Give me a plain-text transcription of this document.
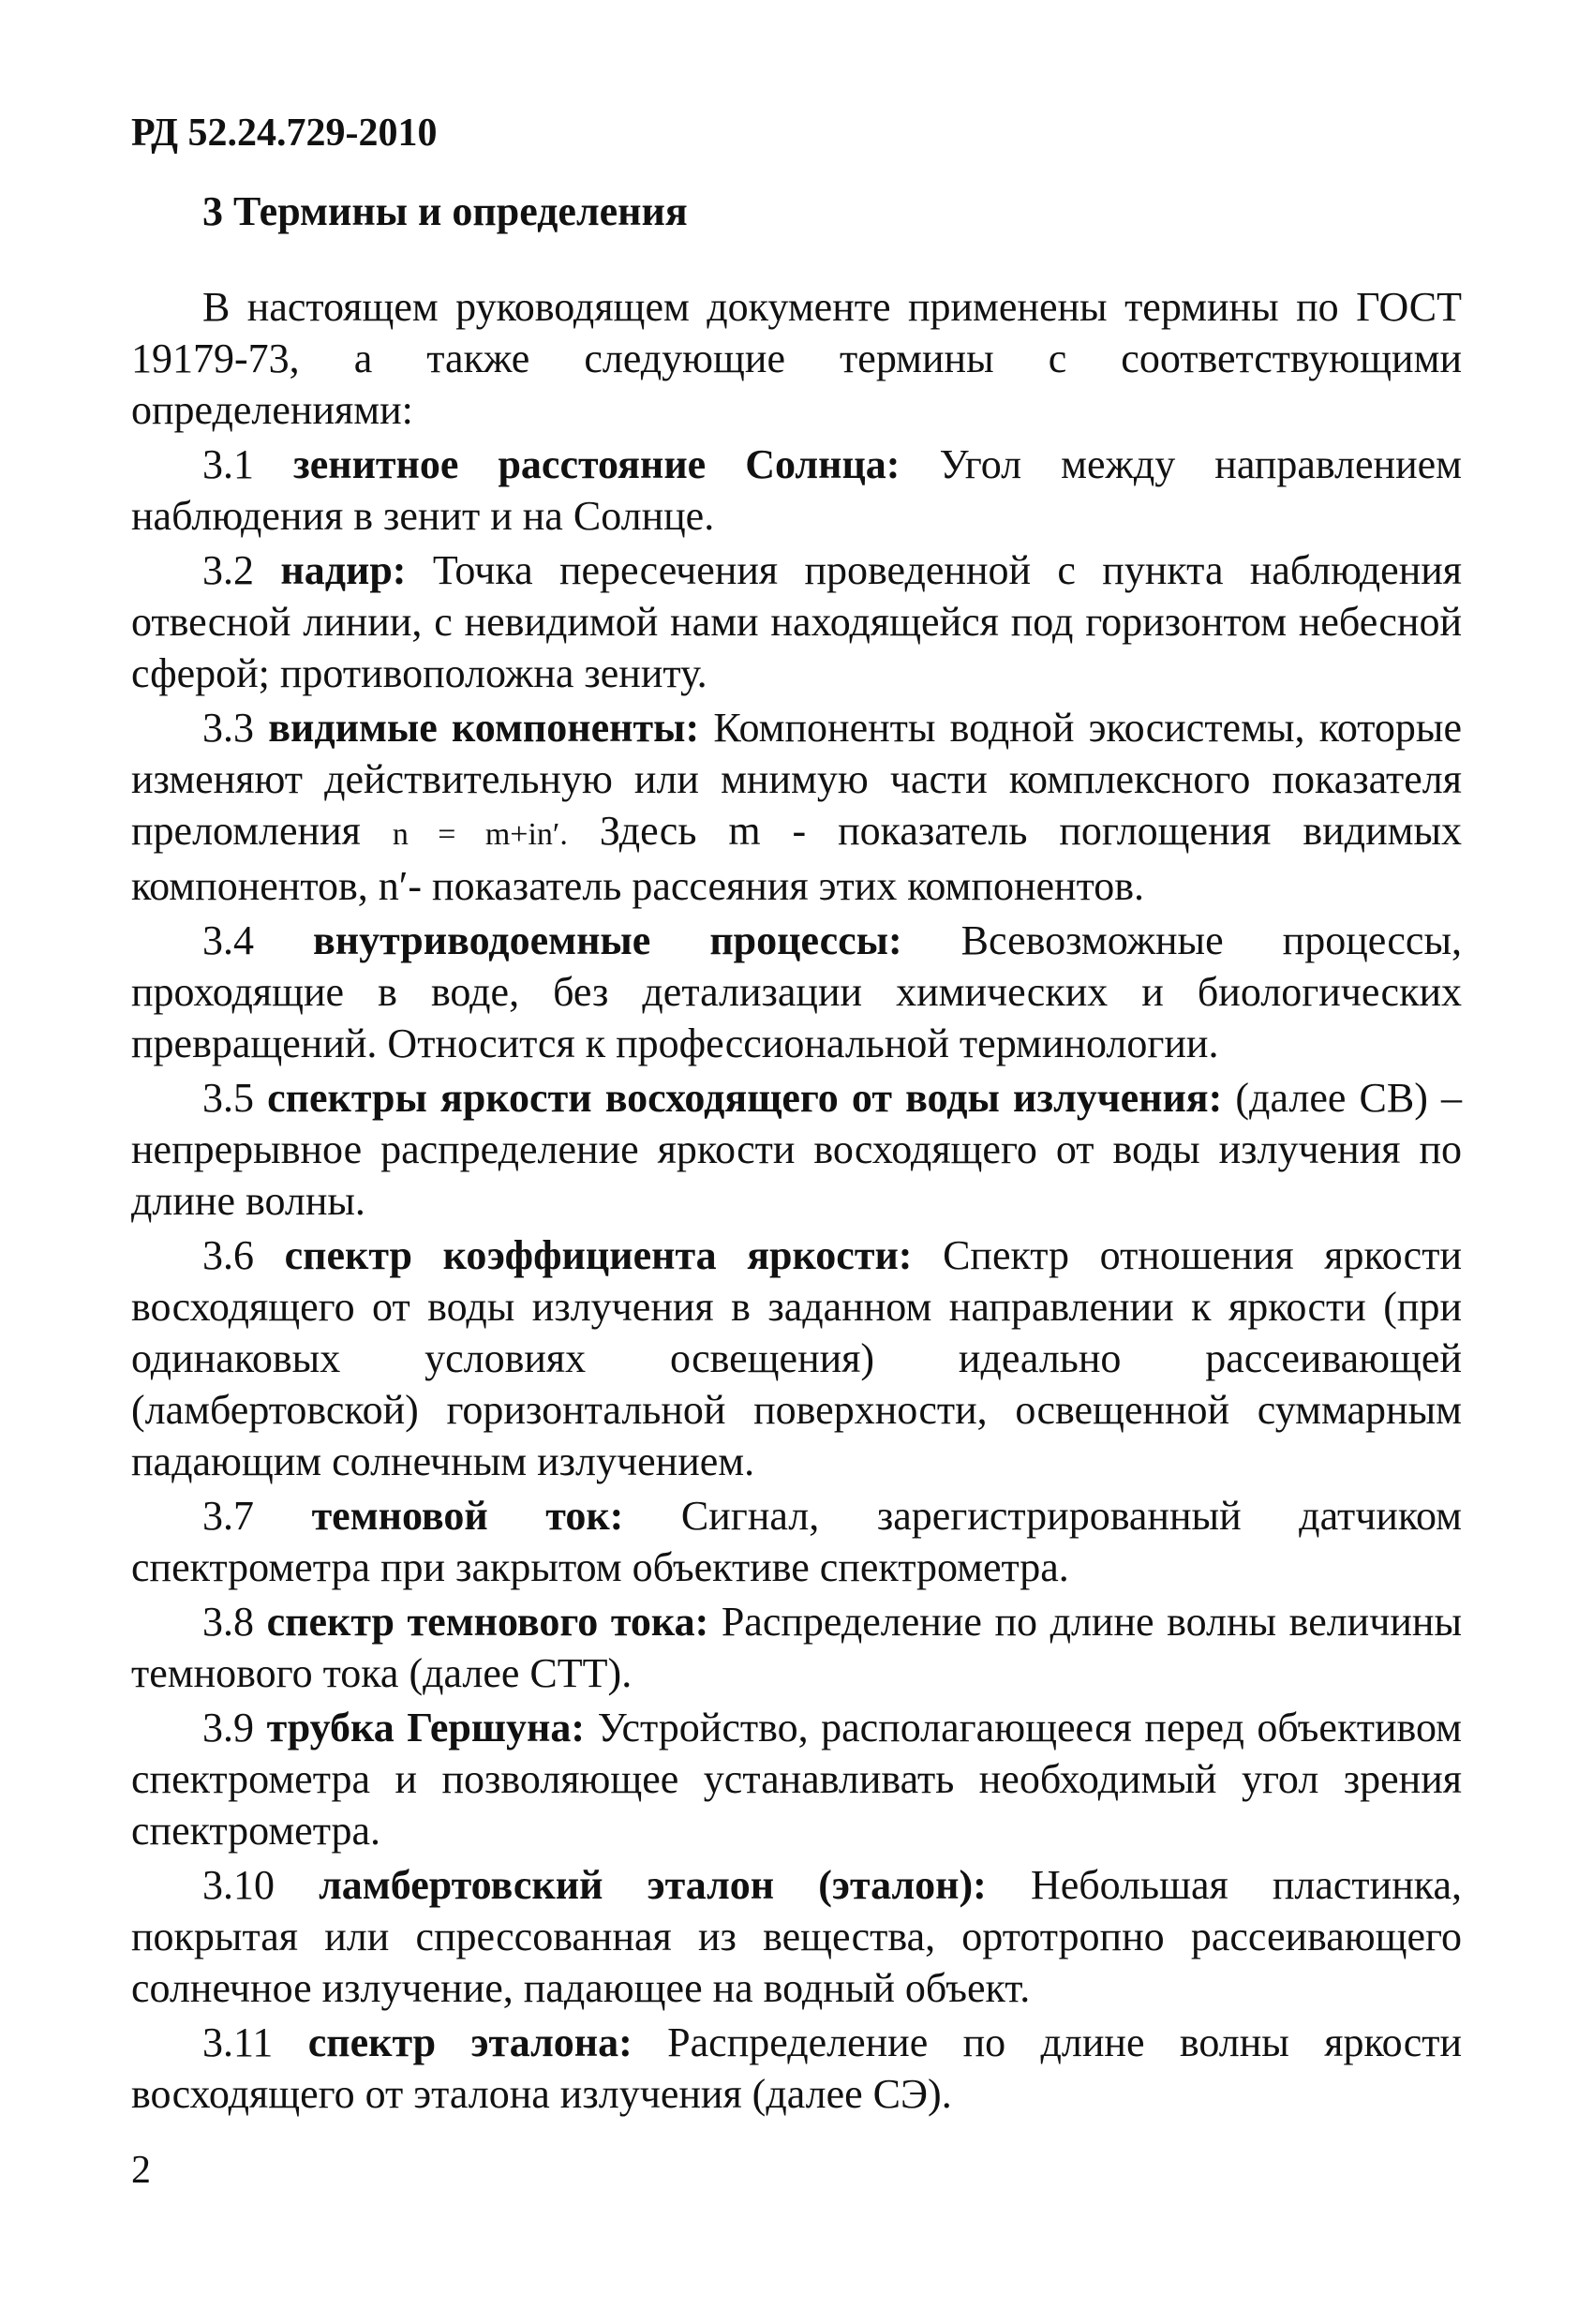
РД 52.24.729-2010
3 Термины и определения

В настоящем руководящем документе применены термины по ГОСТ 19179-73, а также следующие термины с соответствующими определениями:

3.1 зенитное расстояние Солнца: Угол между направлением наблюдения в зенит и на Солнце.

3.2 надир: Точка пересечения проведенной с пункта наблюдения отвесной линии, с невидимой нами находящейся под горизонтом небесной сферой; противоположна зениту.

3.3 видимые компоненты: Компоненты водной экосистемы, которые изменяют действительную или мнимую части комплексного показателя преломления n = m+in′. Здесь m - показатель поглощения видимых компонентов, n′- показатель рассеяния этих компонентов.

3.4 внутриводоемные процессы: Всевозможные процессы, проходящие в воде, без детализации химических и биологических превращений. Относится к профессиональной терминологии.

3.5 спектры яркости восходящего от воды излучения: (далее СВ) – непрерывное распределение яркости восходящего от воды излучения по длине волны.

3.6 спектр коэффициента яркости: Спектр отношения яркости восходящего от воды излучения в заданном направлении к яркости (при одинаковых условиях освещения) идеально рассеивающей (ламбертовской) горизонтальной поверхности, освещенной суммарным падающим солнечным излучением.

3.7 темновой ток: Сигнал, зарегистрированный датчиком спектрометра при закрытом объективе спектрометра.

3.8 спектр темнового тока: Распределение по длине волны величины темнового тока (далее СТТ).

3.9 трубка Гершуна: Устройство, располагающееся перед объективом спектрометра и позволяющее устанавливать необходимый угол зрения спектрометра.

3.10 ламбертовский эталон (эталон): Небольшая пластинка, покрытая или спрессованная из вещества, ортотропно рассеивающего солнечное излучение, падающее на водный объект.

3.11 спектр эталона: Распределение по длине волны яркости восходящего от эталона излучения (далее СЭ).

2
